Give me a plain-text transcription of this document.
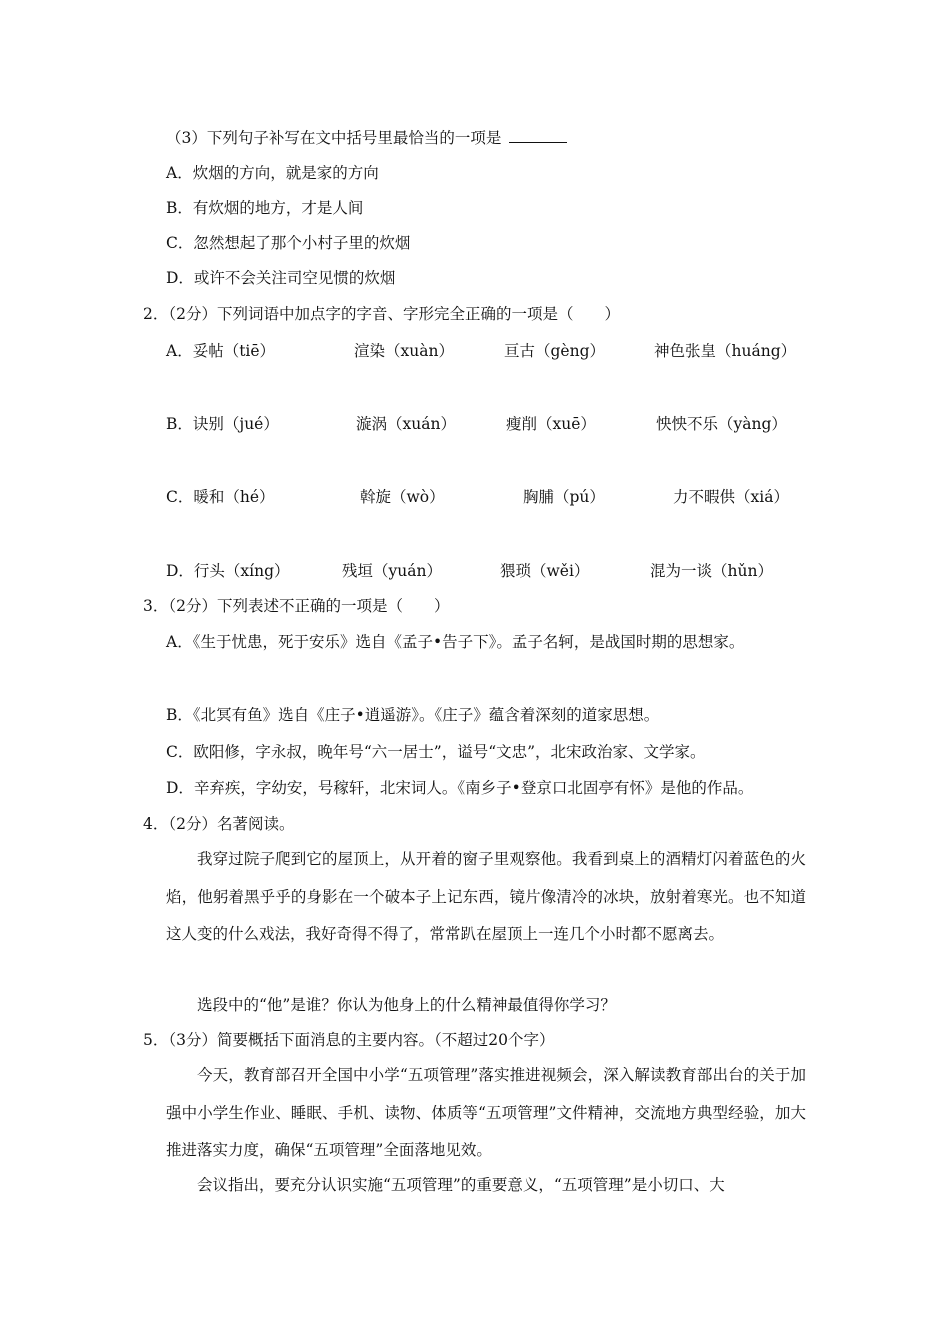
（3）下列句子补写在文中括号里最恰当的一项是
A．炊烟的方向，就是家的方向
B．有炊烟的地方，才是人间
C．忽然想起了那个小村子里的炊烟
D．或许不会关注司空见惯的炊烟
2．（2分）下列词语中加点字的字音、字形完全正确的一项是（　　）
A．妥帖（tiē）	渲染（xuàn）	亘古（gèng）	神色张皇（huáng）
B．诀别（jué）	漩涡（xuán）	瘦削（xuē）	怏怏不乐（yàng）
C．暖和（hé）	斡旋（wò）	胸脯（pú）	力不暇供（xiá）
D．行头（xíng）	残垣（yuán）	猥琐（wěi）	混为一谈（hǔn）
3．（2分）下列表述不正确的一项是（　　）
A．《生于忧患，死于安乐》选自《孟子•告子下》。孟子名轲，是战国时期的思想家。
B．《北冥有鱼》选自《庄子•逍遥游》。《庄子》蕴含着深刻的道家思想。
C．欧阳修，字永叔，晚年号“六一居士”，谥号“文忠”，北宋政治家、文学家。
D．辛弃疾，字幼安，号稼轩，北宋词人。《南乡子•登京口北固亭有怀》是他的作品。
4．（2分）名著阅读。
我穿过院子爬到它的屋顶上，从开着的窗子里观察他。我看到桌上的酒精灯闪着蓝色的火焰，他躬着黑乎乎的身影在一个破本子上记东西，镜片像清冷的冰块，放射着寒光。也不知道这人变的什么戏法，我好奇得不得了，常常趴在屋顶上一连几个小时都不愿离去。
选段中的“他”是谁？你认为他身上的什么精神最值得你学习？
5．（3分）简要概括下面消息的主要内容。（不超过20个字）
今天，教育部召开全国中小学“五项管理”落实推进视频会，深入解读教育部出台的关于加强中小学生作业、睡眠、手机、读物、体质等“五项管理”文件精神，交流地方典型经验，加大推进落实力度，确保“五项管理”全面落地见效。
会议指出，要充分认识实施“五项管理”的重要意义，“五项管理”是小切口、大
